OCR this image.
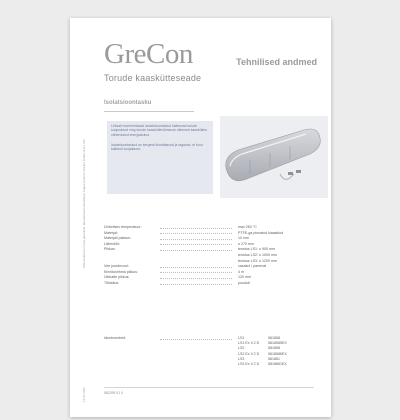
GreCon
Torude kaaskütteseade
Tehnilised andmed
Isolatsioontasku

Lihtsalt monteeritavad isolatsioontaskud kaitsevad torude soojuskaod ning torude kaasküttevõimsuse väheneb kaasküttes vähendatud energiakulud.

Isolatsioontaskud on kergesti kinnitatavad ja tagavad, et tood kaitstud soojakaost.

Ümbritsev temperatuur:	max 260 °C
Materjal:	PTFE-ga pinnatud klaaskiud
Materjali paksus:	10 mm
Läbimõõt:	u 270 mm
Pikkus:	teostus LS1: u 900 mm
teostus LS2: u 1000 mm
teostus LS3: u 1200 mm
Vee juurdevool:	vasakul / paremal
Kinnitusrihma pikkus:	4 m
Ülekatte pikkus:	120 mm
Tõkisitus:	puudub
Identnumbrid:	LS1	581858
LS1 Ex II 2 D 5818585EX
LS2	581858
LS2 Ex II 2 D 5818586EX
LS3	581881
LS3 Ex II 2 D 5818861EX
562299 01 0
Kõik andmed on ilma garantiita. Muudatused võimalikud. Fagus-GreCon Greten GmbH & Co. KG
12.07.2011
